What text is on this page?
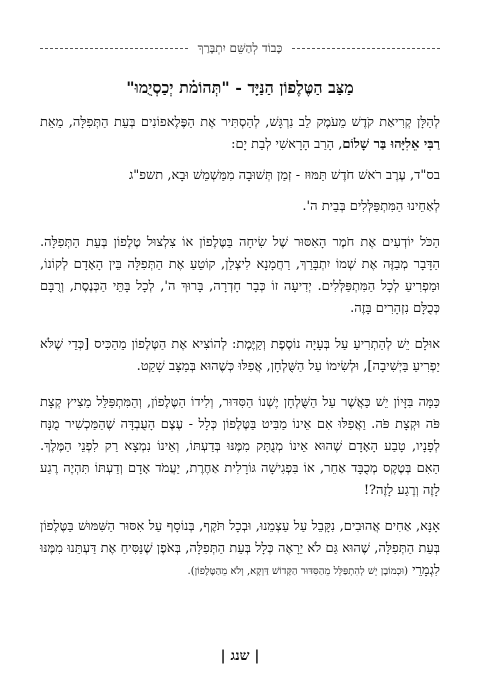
כָּבוֹד לְהַשֵּׁם יִתְבָּרַךְ
מַצַּב הַטֶּלֶפוֹן הַנַּיָּד - "תְּהוֹמ֗ת יְכַסְיֻמוּ"

לְהַלָּן קְרִיאַת קֹדֶשׁ מֵעֹמֶק לֵב נִרְגָּשׁ, לְהַסְתִּיר אֶת הַפֶּלֶאפוֹנִים בְּעֵת הַתְּפִלָּה, מֵאֵת רַבִּי אֵלִיָּהוּ בַּר שָׁלוֹם, הָרַב הָרָאשִׁי לְבַת יָם:

בס"ד, עֶרֶב רֹאשׁ חֹדֶשׁ תַּמּוּז - זְמַן תְּשׁוּבָה מִמַּשְׁמֵשׁ וּבָא, תשפ"ג

לְאַחֵינוּ הַמִּתְפַּלְּלִים בְּבֵית ה'.

הַכֹּל יוֹדְעִים אֶת חֹמֶר הָאִסּוּר שֶׁל שִׂיחָה בַּטֶּלֶפוֹן אוֹ צִלְצוּל טֶלֶפוֹן בְּעֵת הַתְּפִלָּה. הַדָּבָר מְבַזֶּה אֶת שְׁמוֹ יִתְבָּרַךְ, רַחֲמָנָא לִיצְלַן, קוֹטֵעַ אֶת הַתְּפִלָּה בֵּין הָאָדָם לְקוֹנוֹ, וּמַפְרִיעַ לְכָל הַמִּתְפַּלְּלִים. יְדִיעָה זוֹ כְּבָר חָדְרָה, בָּרוּךְ ה', לְכָל בָּתֵּי הַכְּנֶסֶת, וְרֻבָּם כְּכֻלָּם נִזְהָרִים בָּזֶה.

אוּלָם יֵשׁ לְהַתְרִיעַ עַל בְּעָיָה נוֹסֶפֶת וְקַיֶּמֶת: לְהוֹצִיא אֶת הַטֶּלֶפוֹן מֵהַכִּיס [כְּדֵי שֶׁלֹּא יַפְרִיעַ בַּיְשִׁיבָה], וּלְשִׂימוֹ עַל הַשֻּׁלְחָן, אֲפִלּוּ כְּשֶׁהוּא בְּמַצָּב שָׁקֵט.

כַּמָּה בִּזָּיוֹן יֵשׁ כַּאֲשֶׁר עַל הַשֻּׁלְחָן יֶשְׁנוֹ הַסִּדּוּר, וְלִידוֹ הַטֶּלֶפוֹן, וְהַמִּתְפַּלֵּל מֵצִיץ קְצָת פֹּה וּקְצָת פֹּה. וַאֲפִלּוּ אִם אֵינוֹ מַבִּיט בַּטֶּלֶפוֹן כְּלָל - עֶצֶם הָעֻבְדָּה שֶׁהַמַּכְשִׁיר מֻנָּח לְפָנָיו, טָבַע הָאָדָם שֶׁהוּא אֵינוֹ מְנֻתָּק מִמֶּנּוּ בְּדַעְתּוֹ, וְאֵינוֹ נִמְצָא רַק לִפְנֵי הַמֶּלֶךְ. הַאִם בְּטֶקֶס מְכֻבָּד אַחֵר, אוֹ בִּפְגִישָׁה גּוֹרָלִית אַחֶרֶת, יַעֲמֹד אָדָם וְדַעְתּוֹ תִּהְיֶה רֶגַע לָזֶה וְרֶגַע לָזֶה?!

אָנָּא, אַחִים אֲהוּבִים, נִקָּבֵל עַל עַצְמֵנוּ, וּבְכָל תֹּקֶף, בְּנוֹסָף עַל אִסּוּר הַשִּׁמּוּשׁ בַּטֶּלֶפוֹן בְּעֵת הַתְּפִלָּה, שֶׁהוּא גַּם לֹא יֵרָאֶה כְּלָל בְּעֵת הַתְּפִלָּה, בְּאֹפֶן שֶׁנַּסִּיחַ אֶת דַּעְתֵּנוּ מִמֶּנּוּ לִגְמָרֵי (וּכְמוֹבָן יֵשׁ לְהִתְפַּלֵּל מֵהַסִּדּוּר הַקָּדוֹשׁ דַּוְקָא, וְלֹא מֵהַטֶּלֶפוֹן).

| שנג |
